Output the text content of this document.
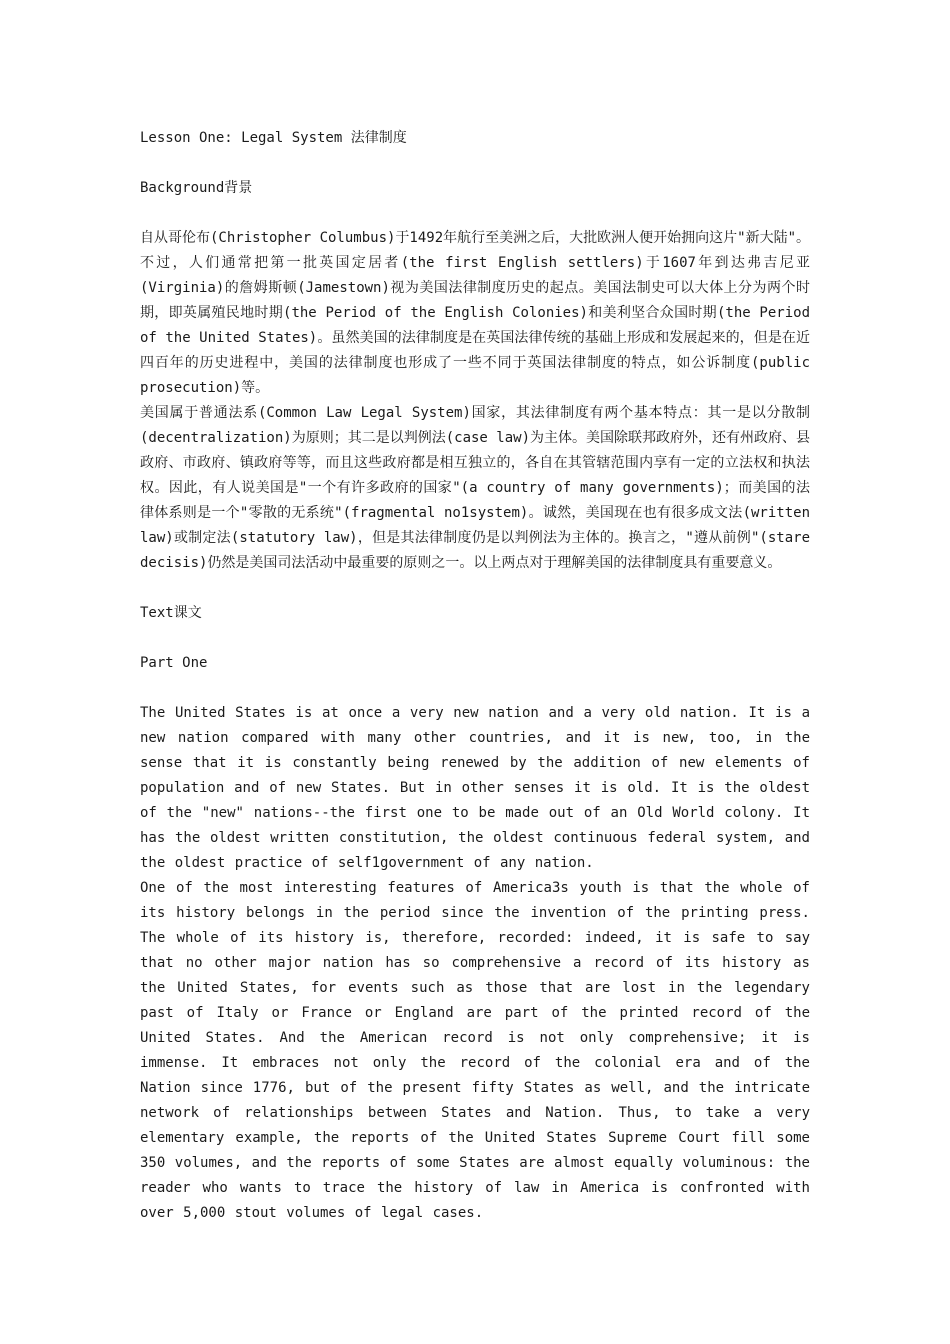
Lesson One: Legal System 法律制度

Background背景

自从哥伦布(Christopher Columbus)于1492年航行至美洲之后，大批欧洲人便开始拥向这片"新大陆"。不过，人们通常把第一批英国定居者(the first English settlers)于1607年到达弗吉尼亚(Virginia)的詹姆斯顿(Jamestown)视为美国法律制度历史的起点。美国法制史可以大体上分为两个时期，即英属殖民地时期(the Period of the English Colonies)和美利坚合众国时期(the Period of the United States)。虽然美国的法律制度是在英国法律传统的基础上形成和发展起来的，但是在近四百年的历史进程中，美国的法律制度也形成了一些不同于英国法律制度的特点，如公诉制度(public prosecution)等。

美国属于普通法系(Common Law Legal System)国家，其法律制度有两个基本特点：其一是以分散制(decentralization)为原则；其二是以判例法(case law)为主体。美国除联邦政府外，还有州政府、县政府、市政府、镇政府等等，而且这些政府都是相互独立的，各自在其管辖范围内享有一定的立法权和执法权。因此，有人说美国是"一个有许多政府的国家"(a country of many governments)；而美国的法律体系则是一个"零散的无系统"(fragmental no1system)。诚然，美国现在也有很多成文法(written law)或制定法(statutory law)，但是其法律制度仍是以判例法为主体的。换言之，"遵从前例"(stare decisis)仍然是美国司法活动中最重要的原则之一。以上两点对于理解美国的法律制度具有重要意义。

Text课文

Part One

The United States is at once a very new nation and a very old nation. It is a new nation compared with many other countries, and it is new, too, in the sense that it is constantly being renewed by the addition of new elements of population and of new States. But in other senses it is old. It is the oldest of the "new" nations--the first one to be made out of an Old World colony. It has the oldest written constitution, the oldest continuous federal system, and the oldest practice of self1government of any nation.

One of the most interesting features of America3s youth is that the whole of its history belongs in the period since the invention of the printing press. The whole of its history is, therefore, recorded: indeed, it is safe to say that no other major nation has so comprehensive a record of its history as the United States, for events such as those that are lost in the legendary past of Italy or France or England are part of the printed record of the United States. And the American record is not only comprehensive; it is immense. It embraces not only the record of the colonial era and of the Nation since 1776, but of the present fifty States as well, and the intricate network of relationships between States and Nation. Thus, to take a very elementary example, the reports of the United States Supreme Court fill some 350 volumes, and the reports of some States are almost equally voluminous: the reader who wants to trace the history of law in America is confronted with over 5,000 stout volumes of legal cases.
